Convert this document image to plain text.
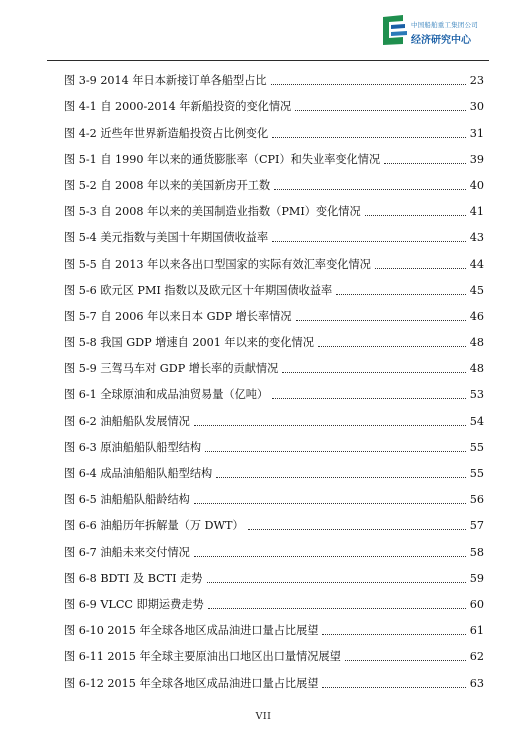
中国船舶重工集团公司
经济研究中心
图 3-9 2014 年日本新接订单各船型占比	23
图 4-1 自 2000-2014 年新船投资的变化情况	30
图 4-2 近些年世界新造船投资占比例变化	31
图 5-1 自 1990 年以来的通货膨胀率（CPI）和失业率变化情况	39
图 5-2 自 2008 年以来的美国新房开工数	40
图 5-3 自 2008 年以来的美国制造业指数（PMI）变化情况	41
图 5-4 美元指数与美国十年期国债收益率	43
图 5-5 自 2013 年以来各出口型国家的实际有效汇率变化情况	44
图 5-6 欧元区 PMI 指数以及欧元区十年期国债收益率	45
图 5-7 自 2006 年以来日本 GDP 增长率情况	46
图 5-8 我国 GDP 增速自 2001 年以来的变化情况	48
图 5-9 三驾马车对 GDP 增长率的贡献情况	48
图 6-1 全球原油和成品油贸易量（亿吨）	53
图 6-2 油船船队发展情况	54
图 6-3 原油船船队船型结构	55
图 6-4 成品油船船队船型结构	55
图 6-5 油船船队船龄结构	56
图 6-6 油船历年拆解量（万 DWT）	57
图 6-7 油船未来交付情况	58
图 6-8 BDTI 及 BCTI 走势	59
图 6-9 VLCC 即期运费走势	60
图 6-10 2015 年全球各地区成品油进口量占比展望	61
图 6-11 2015 年全球主要原油出口地区出口量情况展望	62
图 6-12 2015 年全球各地区成品油进口量占比展望	63
VII
